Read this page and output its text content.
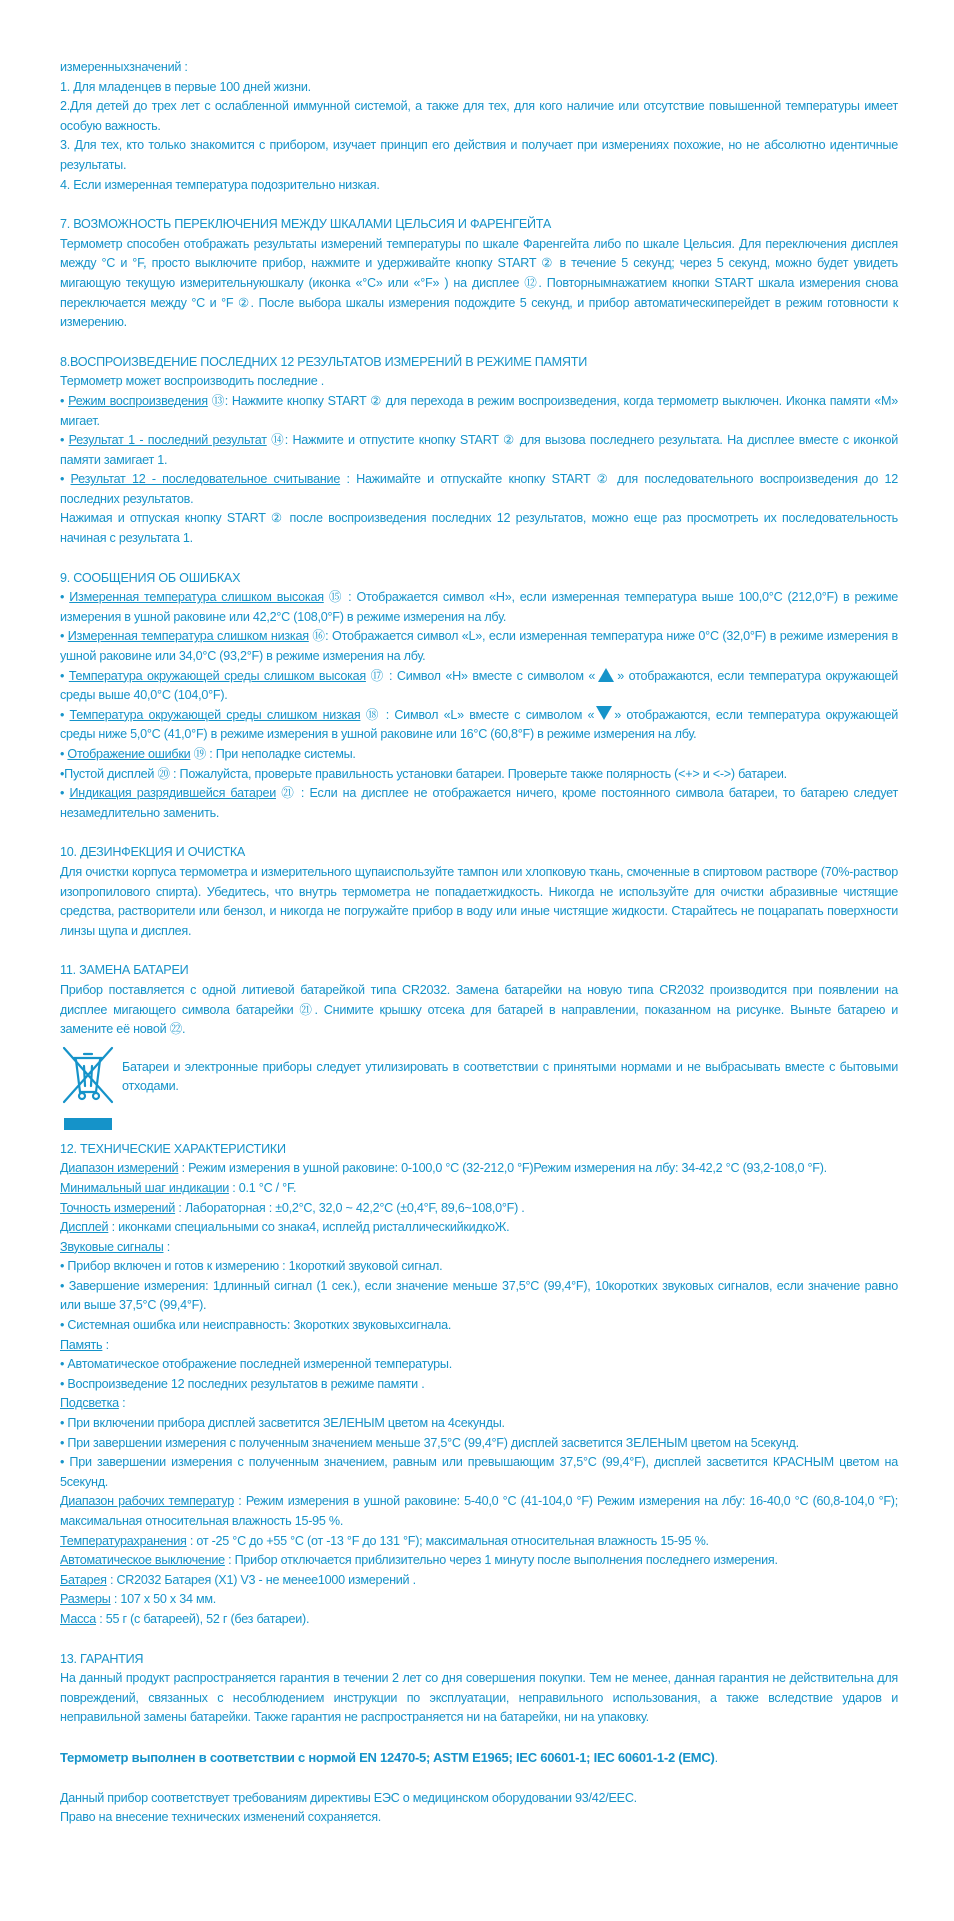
измеренныхзначений :

1. Для младенцев в первые 100 дней жизни.

2.Для детей до трех лет с ослабленной иммунной системой, а также для тех, для кого наличие или отсутствие повышенной температуры имеет особую важность.

3. Для тех, кто только знакомится с прибором, изучает принцип его действия и получает при измерениях похожие, но не абсолютно идентичные результаты.

4. Если измеренная температура подозрительно низкая.

7. ВОЗМОЖНОСТЬ ПЕРЕКЛЮЧЕНИЯ МЕЖДУ ШКАЛАМИ ЦЕЛЬСИЯ И ФАРЕНГЕЙТА

Термометр способен отображать результаты измерений температуры по шкале Фаренгейта либо по шкале Цельсия. Для переключения дисплея между °C и °F, просто выключите прибор, нажмите и удерживайте кнопку START ② в течение 5 секунд; через 5 секунд, можно будет увидеть мигающую текущую измерительнуюшкалу (иконка «°C» или «°F» ) на дисплее ⑫. Повторнымнажатием кнопки START шкала измерения снова переключается между °C и °F ②. После выбора шкалы измерения подождите 5 секунд, и прибор автоматическиперейдет в режим готовности к измерению.

8.ВОСПРОИЗВЕДЕНИЕ ПОСЛЕДНИХ 12 РЕЗУЛЬТАТОВ ИЗМЕРЕНИЙ В РЕЖИМЕ ПАМЯТИ

Термометр может воспроизводить последние .

• Режим воспроизведения ⑬: Нажмите кнопку START ② для перехода в режим воспроизведения, когда термометр выключен. Иконка памяти «M» мигает.

• Результат 1 - последний результат ⑭: Нажмите и отпустите кнопку START ② для вызова последнего результата. На дисплее вместе с иконкой памяти замигает 1.

• Результат 12 - последовательное считывание : Нажимайте и отпускайте кнопку START ② для последовательного воспроизведения до 12 последних результатов.

Нажимая и отпуская кнопку START ② после воспроизведения последних 12 результатов, можно еще раз просмотреть их последовательность начиная с результата 1.

9. СООБЩЕНИЯ ОБ ОШИБКАХ

• Измеренная температура слишком высокая ⑮ : Отображается символ «H», если измеренная температура выше 100,0°C (212,0°F) в режиме измерения в ушной раковине или 42,2°C (108,0°F) в режиме измерения на лбу.

• Измеренная температура слишком низкая ⑯: Отображается символ «L», если измеренная температура ниже 0°C (32,0°F) в режиме измерения в ушной раковине или 34,0°C (93,2°F) в режиме измерения на лбу.

• Температура окружающей среды слишком высокая ⑰ : Символ «H» вместе с символом « » отображаются, если температура окружающей среды выше 40,0°C (104,0°F).

• Температура окружающей среды слишком низкая ⑱ : Символ «L» вместе с символом « » отображаются, если температура окружающей среды ниже 5,0°C (41,0°F) в режиме измерения в ушной раковине или 16°C (60,8°F) в режиме измерения на лбу.

• Отображение ошибки ⑲ : При неполадке системы.

•Пустой дисплей ⑳ : Пожалуйста, проверьте правильность установки батареи. Проверьте также полярность (<+> и <->) батареи.

• Индикация разрядившейся батареи ㉑ : Если на дисплее не отображается ничего, кроме постоянного символа батареи, то батарею следует незамедлительно заменить.

10. ДЕЗИНФЕКЦИЯ И ОЧИСТКА

Для очистки корпуса термометра и измерительного щупаиспользуйте тампон или хлопковую ткань, смоченные в спиртовом растворе (70%-раствор изопропилового спирта). Убедитесь, что внутрь термометра не попадаетжидкость. Никогда не используйте для очистки абразивные чистящие средства, растворители или бензол, и никогда не погружайте прибор в воду или иные чистящие жидкости. Старайтесь не поцарапать поверхности линзы щупа и дисплея.

11. ЗАМЕНА БАТАРЕИ

Прибор поставляется с одной литиевой батарейкой типа CR2032. Замена батарейки на новую типа CR2032 производится при появлении на дисплее мигающего символа батарейки ㉑. Снимите крышку отсека для батарей в направлении, показанном на рисунке. Выньте батарею и замените её новой ㉒.

Батареи и электронные приборы следует утилизировать в соответствии с принятыми нормами и не выбрасывать вместе с бытовыми отходами.

12. ТЕХНИЧЕСКИЕ ХАРАКТЕРИСТИКИ

Диапазон измерений : Режим измерения в ушной раковине: 0-100,0 °C (32-212,0 °F)Режим измерения на лбу: 34-42,2 °C (93,2-108,0 °F).

Минимальный шаг индикации : 0.1 °C / °F.

Точность измерений : Лабораторная : ±0,2°C, 32,0 ~ 42,2°C (±0,4°F, 89,6~108,0°F) .

Дисплей : иконками специальными со знака4, исплейд ристаллическийкидкоЖ.

Звуковые сигналы :

• Прибор включен и готов к измерению : 1короткий звуковой сигнал.

• Завершение измерения: 1длинный сигнал (1 сек.), если значение меньше 37,5°C (99,4°F), 10коротких звуковых сигналов, если значение равно или выше 37,5°C (99,4°F).

• Системная ошибка или неисправность: 3коротких звуковыхсигнала.

Память :

• Автоматическое отображение последней измеренной температуры.

• Воспроизведение 12 последних результатов в режиме памяти .

Подсветка :

• При включении прибора дисплей засветится ЗЕЛЕНЫМ цветом на 4секунды.

• При завершении измерения с полученным значением меньше 37,5°C (99,4°F) дисплей засветится ЗЕЛЕНЫМ цветом на 5секунд.

• При завершении измерения с полученным значением, равным или превышающим 37,5°C (99,4°F), дисплей засветится КРАСНЫМ цветом на 5секунд.

Диапазон рабочих температур : Режим измерения в ушной раковине: 5-40,0 °C (41-104,0 °F) Режим измерения на лбу: 16-40,0 °C (60,8-104,0 °F); максимальная относительная влажность 15-95 %.

Температурахранения : от -25 °C до +55 °C (от -13 °F до 131 °F); максимальная относительная влажность 15-95 %.

Автоматическое выключение : Прибор отключается приблизительно через 1 минуту после выполнения последнего измерения.

Батарея : CR2032 Батарея (X1) V3 - не менее1000 измерений .

Размеры : 107 x 50 x 34 мм.

Масса : 55 г (с батареей), 52 г (без батареи).

13. ГАРАНТИЯ

На данный продукт распространяется гарантия в течении 2 лет со дня совершения покупки. Тем не менее, данная гарантия не действительна для повреждений, связанных с несоблюдением инструкции по эксплуатации, неправильного использования, а также вследствие ударов и неправильной замены батарейки. Также гарантия не распространяется ни на батарейки, ни на упаковку.

Термометр выполнен в соответствии с нормой EN 12470-5; ASTM E1965; IEC 60601-1; IEC 60601-1-2 (EMC).

Данный прибор соответствует требованиям директивы ЕЭС о медицинском оборудовании 93/42/EEC.

Право на внесение технических изменений сохраняется.
